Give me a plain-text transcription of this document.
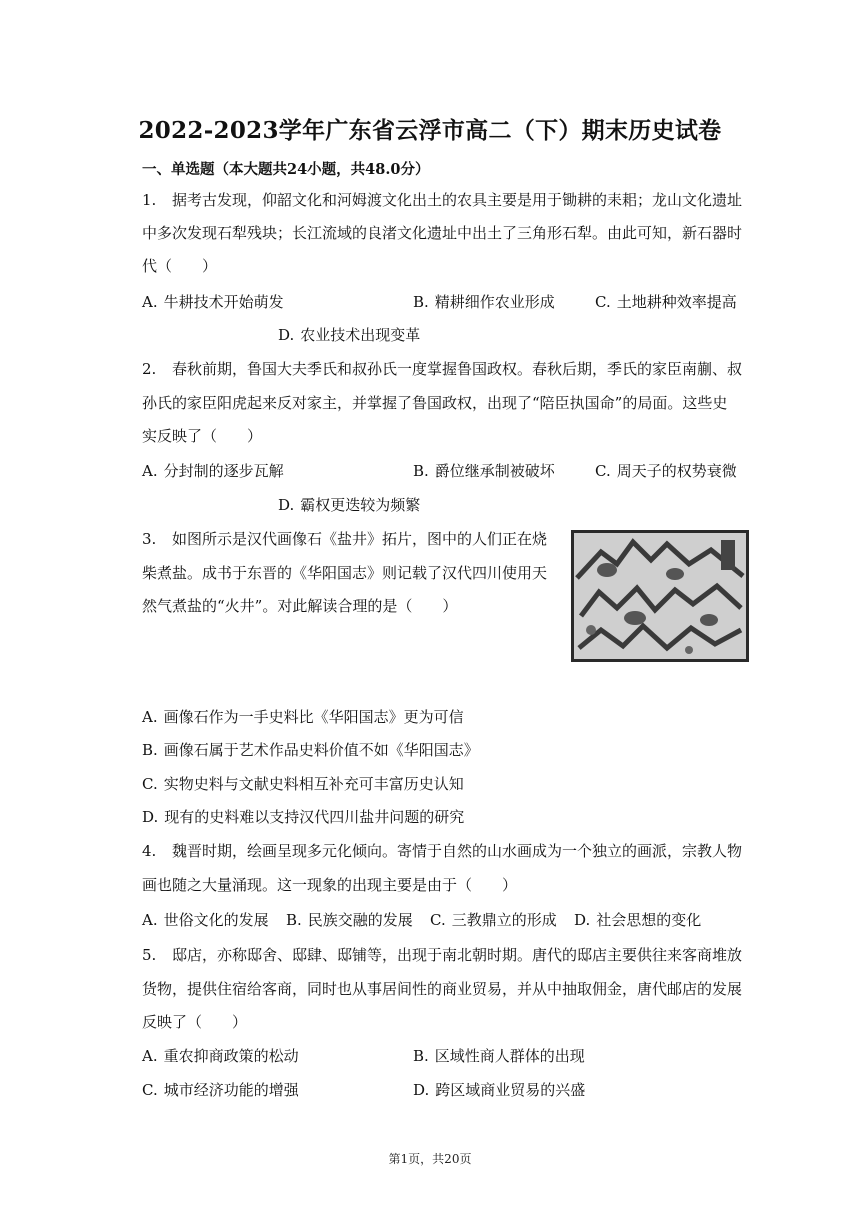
2022-2023学年广东省云浮市高二（下）期末历史试卷
一、单选题（本大题共24小题，共48.0分）
1. 据考古发现，仰韶文化和河姆渡文化出土的农具主要是用于锄耕的耒耜；龙山文化遗址
中多次发现石犁残块；长江流域的良渚文化遗址中出土了三角形石犁。由此可知，新石器时
代（　　）
A. 牛耕技术开始萌发	B. 精耕细作农业形成	C. 土地耕种效率提高
D. 农业技术出现变革
2. 春秋前期，鲁国大夫季氏和叔孙氏一度掌握鲁国政权。春秋后期，季氏的家臣南蒯、叔
孙氏的家臣阳虎起来反对家主，并掌握了鲁国政权，出现了“陪臣执国命”的局面。这些史
实反映了（　　）
A. 分封制的逐步瓦解	B. 爵位继承制被破坏	C. 周天子的权势衰微
D. 霸权更迭较为频繁
3. 如图所示是汉代画像石《盐井》拓片，图中的人们正在烧
柴煮盐。成书于东晋的《华阳国志》则记载了汉代四川使用天
然气煮盐的“火井”。对此解读合理的是（　　）
A. 画像石作为一手史料比《华阳国志》更为可信
B. 画像石属于艺术作品史料价值不如《华阳国志》
C. 实物史料与文献史料相互补充可丰富历史认知
D. 现有的史料难以支持汉代四川盐井问题的研究
4. 魏晋时期，绘画呈现多元化倾向。寄情于自然的山水画成为一个独立的画派，宗教人物
画也随之大量涌现。这一现象的出现主要是由于（　　）
A. 世俗文化的发展 B. 民族交融的发展 C. 三教鼎立的形成 D. 社会思想的变化
5. 邸店，亦称邸舍、邸肆、邸铺等，出现于南北朝时期。唐代的邸店主要供往来客商堆放
货物，提供住宿给客商，同时也从事居间性的商业贸易，并从中抽取佣金，唐代邮店的发展
反映了（　　）
A. 重农抑商政策的松动	B. 区域性商人群体的出现
C. 城市经济功能的增强	D. 跨区域商业贸易的兴盛
第1页，共20页
